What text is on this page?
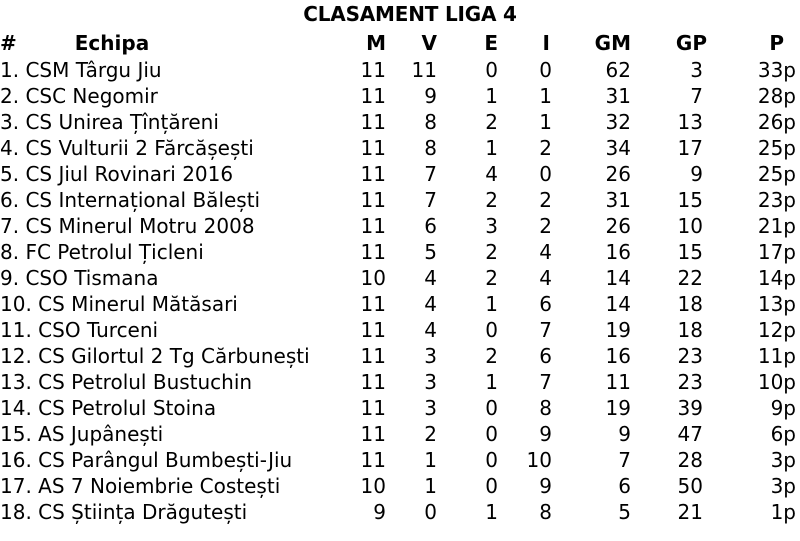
CLASAMENT LIGA 4
# Echipa	M	V	E	I	GM	GP	P
1. CSM Târgu Jiu	11	11	0	0	62	3	33p
2. CSC Negomir	11	9	1	1	31	7	28p
3. CS Unirea Țînțăreni	11	8	2	1	32	13	26p
4. CS Vulturii 2 Fărcășești	11	8	1	2	34	17	25p
5. CS Jiul Rovinari 2016	11	7	4	0	26	9	25p
6. CS Internațional Bălești	11	7	2	2	31	15	23p
7. CS Minerul Motru 2008	11	6	3	2	26	10	21p
8. FC Petrolul Țicleni	11	5	2	4	16	15	17p
9. CSO Tismana	10	4	2	4	14	22	14p
10. CS Minerul Mătăsari	11	4	1	6	14	18	13p
11. CSO Turceni	11	4	0	7	19	18	12p
12. CS Gilortul 2 Tg Cărbunești	11	3	2	6	16	23	11p
13. CS Petrolul Bustuchin	11	3	1	7	11	23	10p
14. CS Petrolul Stoina	11	3	0	8	19	39	9p
15. AS Jupânești	11	2	0	9	9	47	6p
16. CS Parângul Bumbești-Jiu	11	1	0	10	7	28	3p
17. AS 7 Noiembrie Costești	10	1	0	9	6	50	3p
18. CS Știința Drăgutești	9	0	1	8	5	21	1p
